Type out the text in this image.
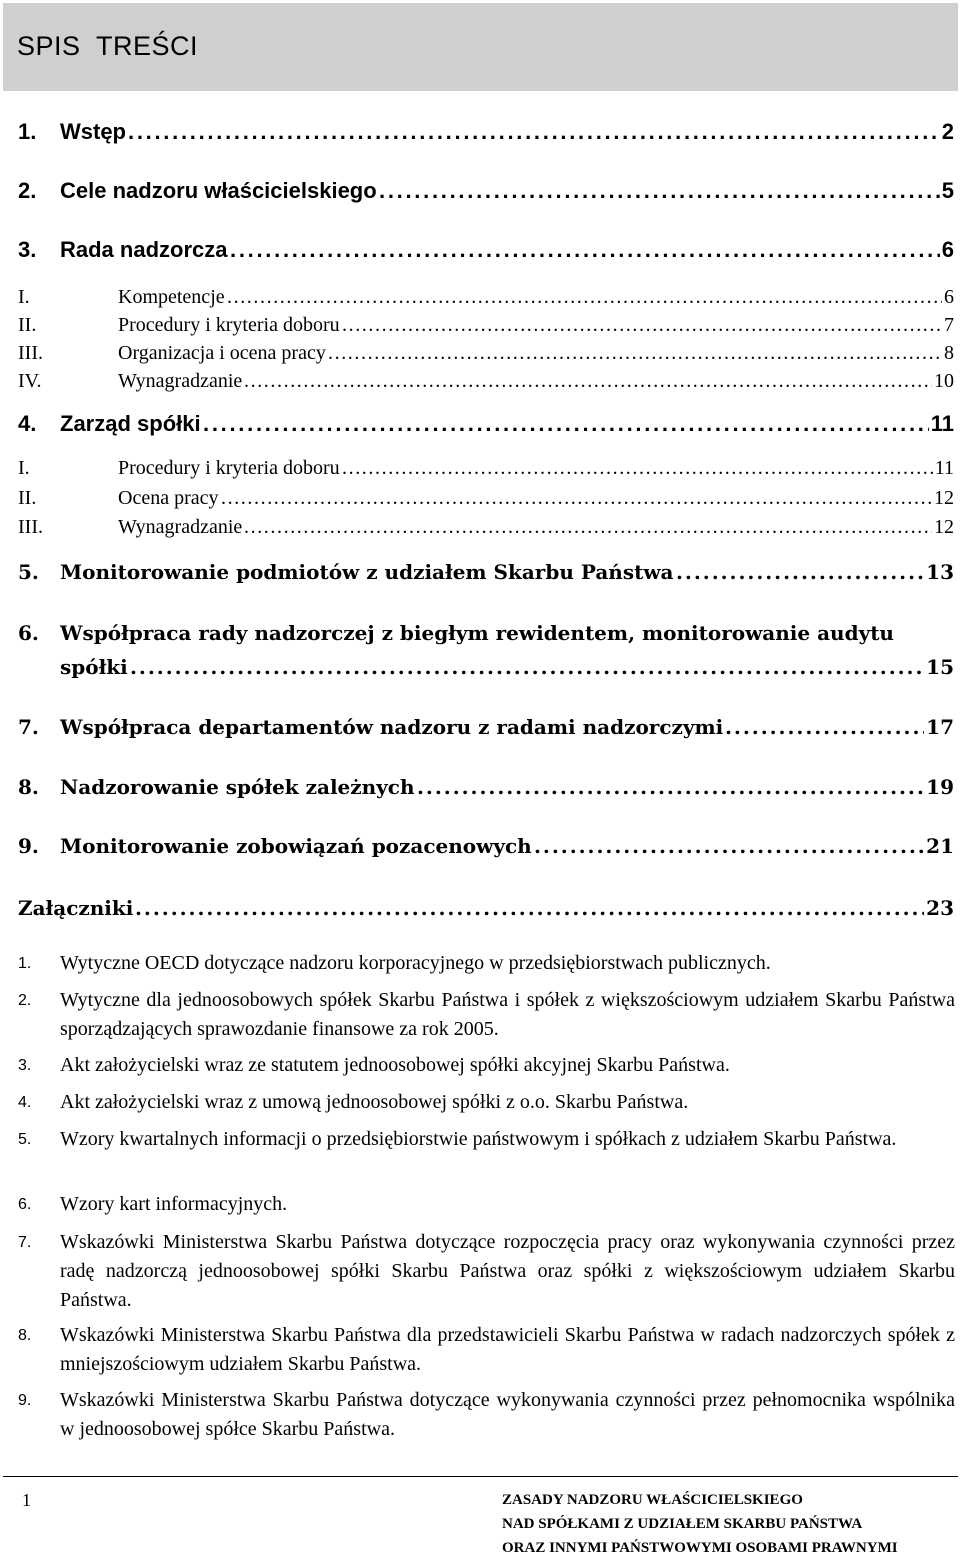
SPIS  TREŚCI
1. Wstęp . . .	2
2. Cele nadzoru właścicielskiego . . .	5
3. Rada nadzorcza . . .	6
I.	Kompetencje . . .	6
II.	Procedury i kryteria doboru . . .	7
III.	Organizacja i ocena pracy . . .	8
IV.	Wynagradzanie . . .	10
4. Zarząd spółki . . .	11
I.	Procedury i kryteria doboru . . .	11
II.	Ocena pracy . . .	12
III.	Wynagradzanie . . .	12
5. Monitorowanie podmiotów z udziałem Skarbu Państwa . . .	13
6. Współpraca rady nadzorczej z biegłym rewidentem, monitorowanie audytu
spółki . . .	15
7. Współpraca departamentów nadzoru z radami nadzorczymi . . .	17
8. Nadzorowanie spółek zależnych . . .	19
9. Monitorowanie zobowiązań pozacenowych . . .	21
Załączniki . . .	23
1. Wytyczne OECD dotyczące nadzoru korporacyjnego w przedsiębiorstwach publicznych.
2. Wytyczne dla jednoosobowych spółek Skarbu Państwa i spółek z większościowym udziałem Skarbu Państwa sporządzających sprawozdanie finansowe za rok 2005.
3. Akt założycielski wraz ze statutem jednoosobowej spółki akcyjnej Skarbu Państwa.
4. Akt założycielski wraz z umową jednoosobowej spółki z o.o. Skarbu Państwa.
5. Wzory kwartalnych informacji o przedsiębiorstwie państwowym i spółkach z udziałem Skarbu Państwa.
6. Wzory kart informacyjnych.
7. Wskazówki Ministerstwa Skarbu Państwa dotyczące rozpoczęcia pracy oraz wykonywania czynności przez radę nadzorczą jednoosobowej spółki Skarbu Państwa oraz spółki z większościowym udziałem Skarbu Państwa.
8. Wskazówki Ministerstwa Skarbu Państwa dla przedstawicieli Skarbu Państwa w radach nadzorczych spółek z mniejszościowym udziałem Skarbu Państwa.
9. Wskazówki Ministerstwa Skarbu Państwa dotyczące wykonywania czynności przez pełnomocnika wspólnika w jednoosobowej spółce Skarbu Państwa.
1	ZASADY NADZORU WŁAŚCICIELSKIEGO
NAD SPÓŁKAMI Z UDZIAŁEM SKARBU PAŃSTWA
ORAZ INNYMI PAŃSTWOWYMI OSOBAMI PRAWNYMI
